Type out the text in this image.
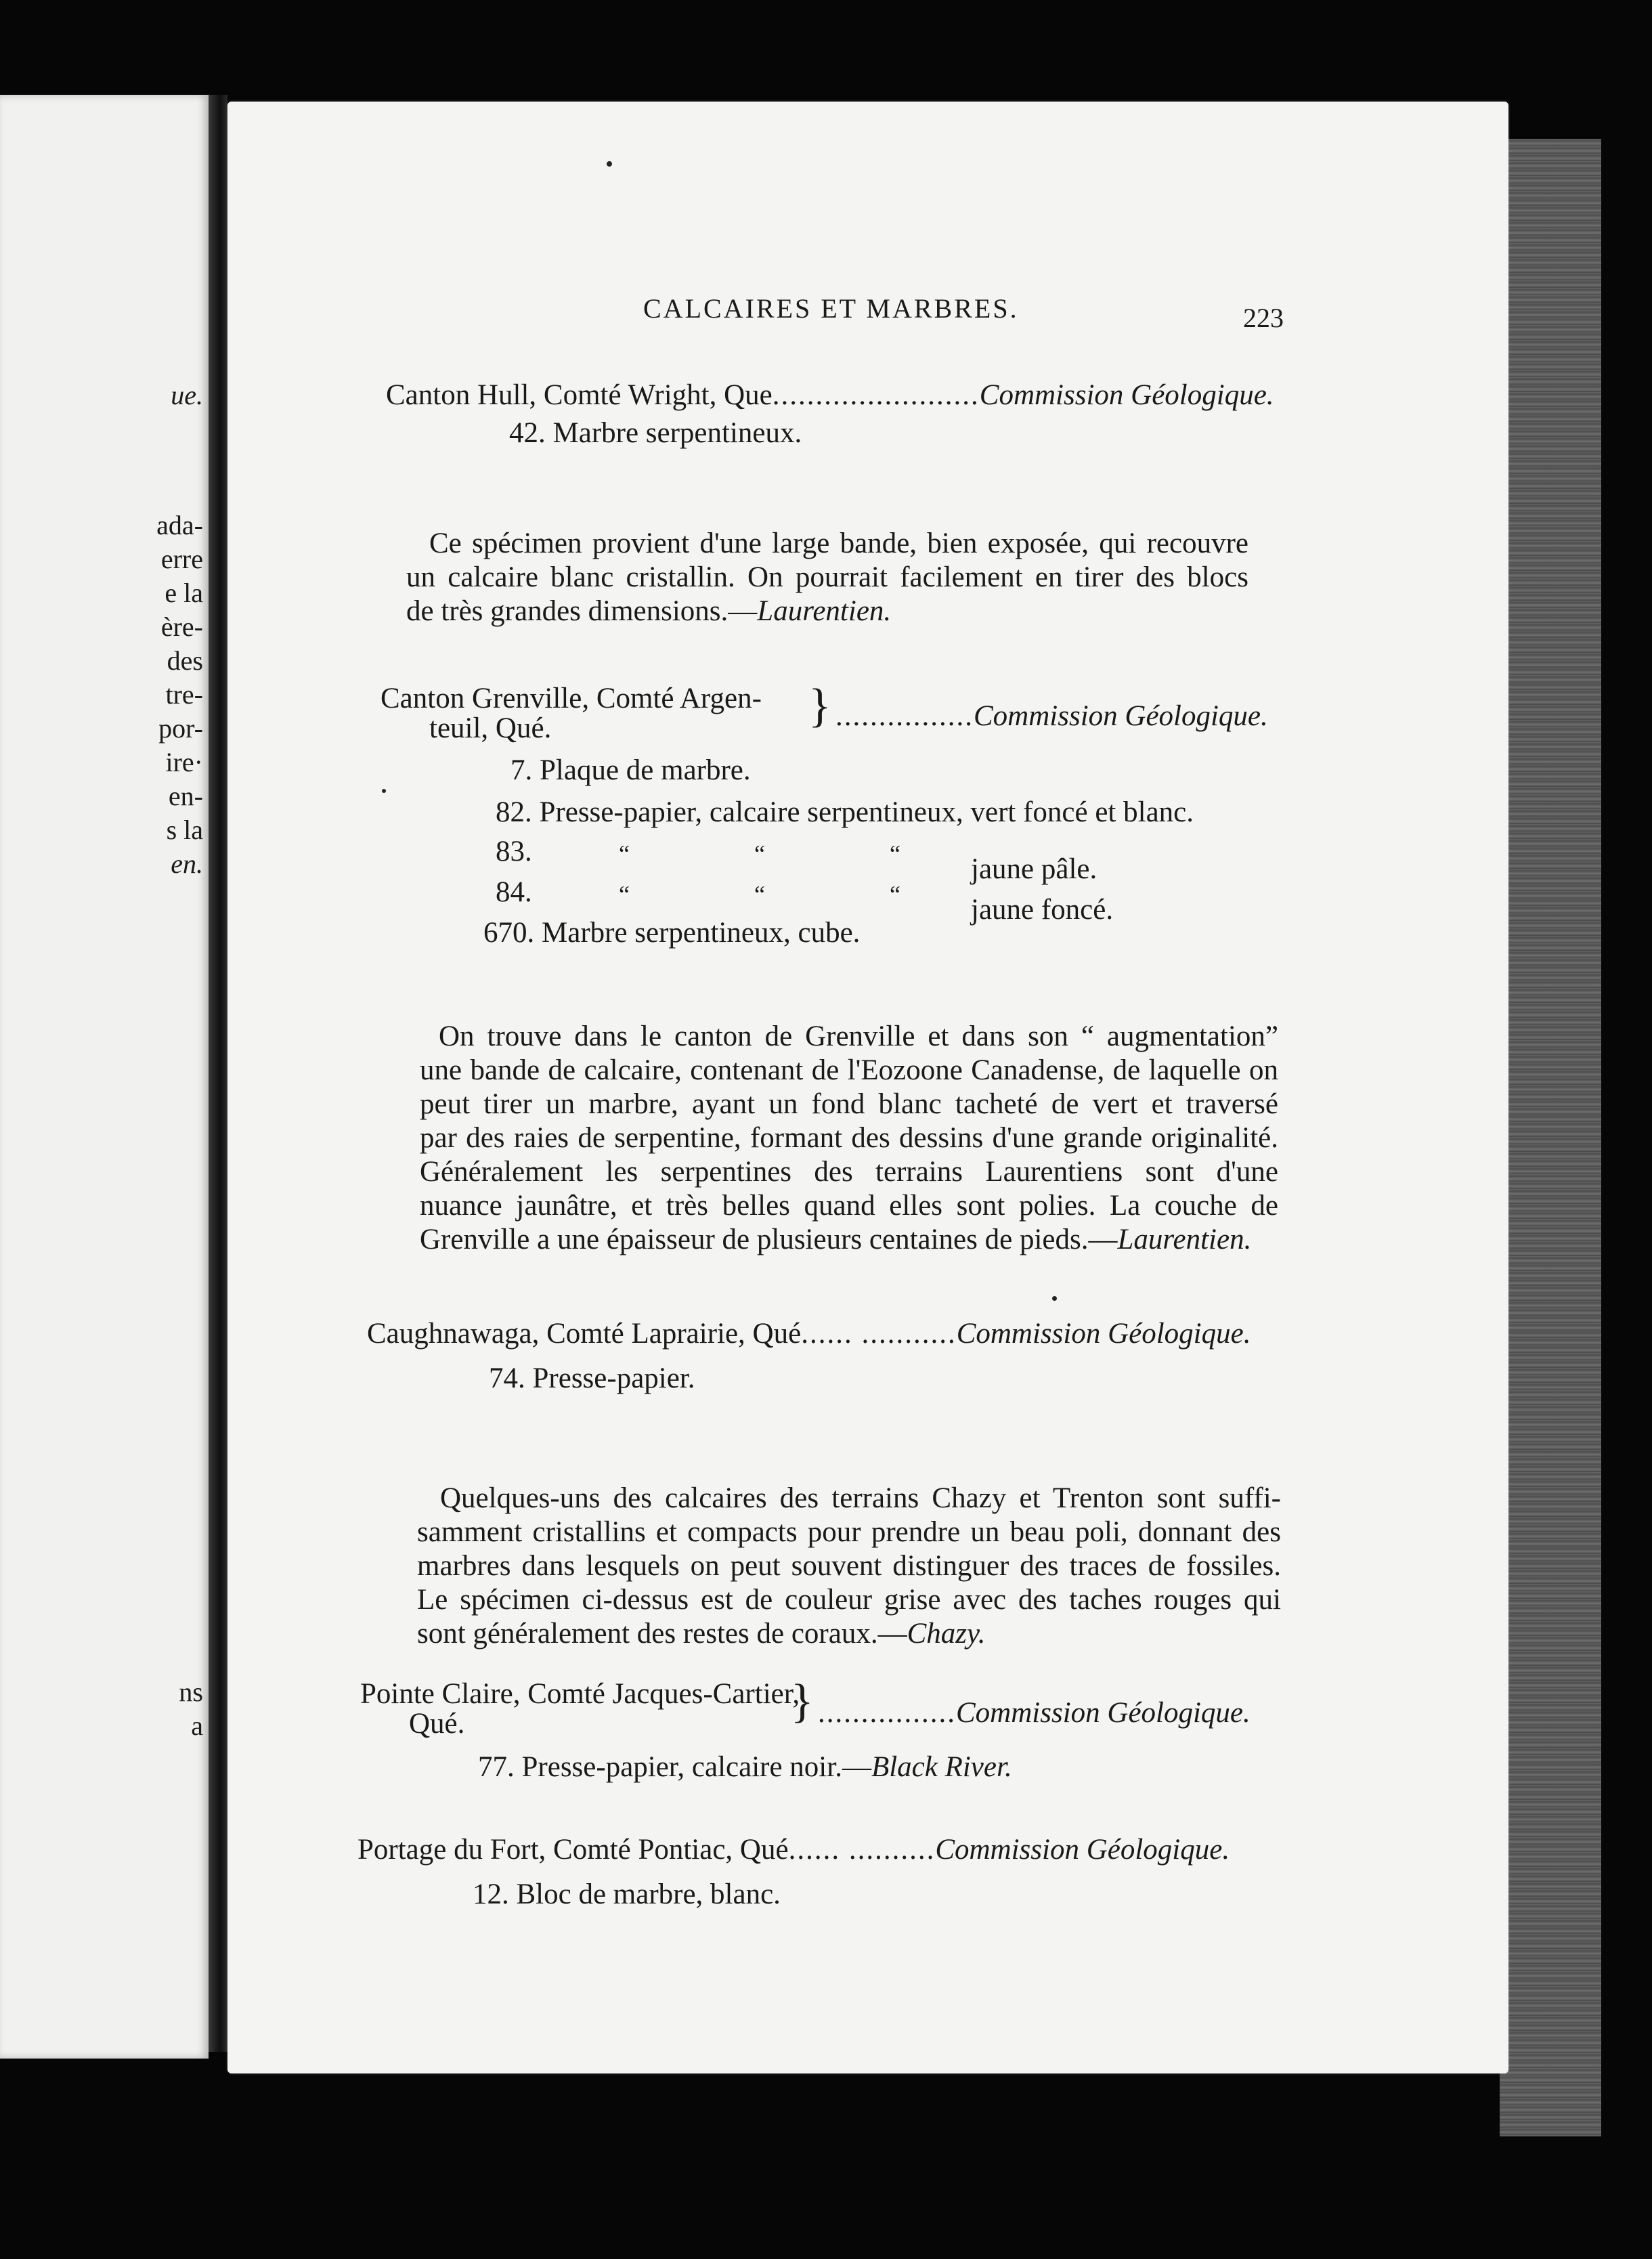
ue.
ada-
erre
e la
ère-
des
tre-
por-
ire·
en-
s la
en.
ns
a
CALCAIRES ET MARBRES.	223
Canton Hull, Comté Wright, Que........................Commission Géologique.
42. Marbre serpentineux.
Ce spécimen provient d'une large bande, bien exposée, qui recouvre
un calcaire blanc cristallin. On pourrait facilement en tirer des blocs
de très grandes dimensions.—Laurentien.
Canton Grenville, Comté Argen-
teuil, Qué.	} ................Commission Géologique.
7. Plaque de marbre.
82. Presse-papier, calcaire serpentineux, vert foncé et blanc.
83.	“	“	“ jaune pâle.
84.	“	“	“ jaune foncé.
670. Marbre serpentineux, cube.
On trouve dans le canton de Grenville et dans son “ augmentation”
une bande de calcaire, contenant de l'Eozoone Canadense, de laquelle on
peut tirer un marbre, ayant un fond blanc tacheté de vert et traversé
par des raies de serpentine, formant des dessins d'une grande originalité.
Généralement les serpentines des terrains Laurentiens sont d'une
nuance jaunâtre, et très belles quand elles sont polies. La couche de
Grenville a une épaisseur de plusieurs centaines de pieds.—Laurentien.
Caughnawaga, Comté Laprairie, Qué...... ...........Commission Géologique.
74. Presse-papier.
Quelques-uns des calcaires des terrains Chazy et Trenton sont suffi-
samment cristallins et compacts pour prendre un beau poli, donnant des
marbres dans lesquels on peut souvent distinguer des traces de fossiles.
Le spécimen ci-dessus est de couleur grise avec des taches rouges qui
sont généralement des restes de coraux.—Chazy.
Pointe Claire, Comté Jacques-Cartier,
Qué.	} ................Commission Géologique.
77. Presse-papier, calcaire noir.—Black River.
Portage du Fort, Comté Pontiac, Qué...... ..........Commission Géologique.
12. Bloc de marbre, blanc.
